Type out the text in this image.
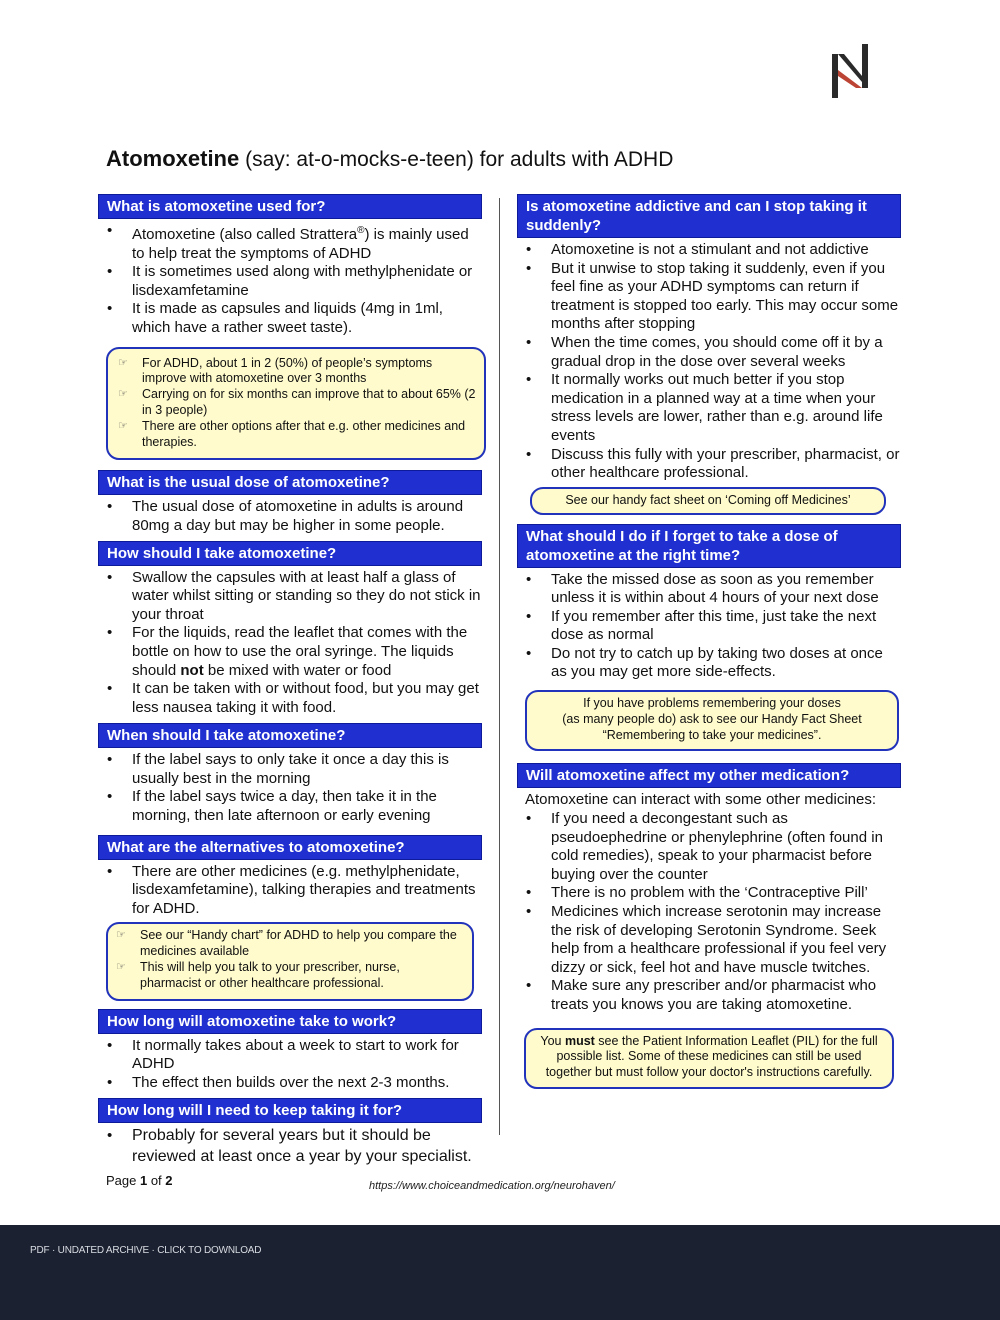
Atomoxetine (say: at-o-mocks-e-teen) for adults with ADHD
What is atomoxetine used for?
• Atomoxetine (also called Strattera®) is mainly used to help treat the symptoms of ADHD
• It is sometimes used along with methylphenidate or lisdexamfetamine
• It is made as capsules and liquids (4mg in 1ml, which have a rather sweet taste).
☞ For ADHD, about 1 in 2 (50%) of people’s symptoms improve with atomoxetine over 3 months
☞ Carrying on for six months can improve that to about 65% (2 in 3 people)
☞ There are other options after that e.g. other medicines and therapies.
What is the usual dose of atomoxetine?
• The usual dose of atomoxetine in adults is around 80mg a day but may be higher in some people.
How should I take atomoxetine?
• Swallow the capsules with at least half a glass of water whilst sitting or standing so they do not stick in your throat
• For the liquids, read the leaflet that comes with the bottle on how to use the oral syringe. The liquids should not be mixed with water or food
• It can be taken with or without food, but you may get less nausea taking it with food.
When should I take atomoxetine?
• If the label says to only take it once a day this is usually best in the morning
• If the label says twice a day, then take it in the morning, then late afternoon or early evening
What are the alternatives to atomoxetine?
• There are other medicines (e.g. methylphenidate, lisdexamfetamine), talking therapies and treatments for ADHD.
☞ See our “Handy chart” for ADHD to help you compare the medicines available
☞ This will help you talk to your prescriber, nurse, pharmacist or other healthcare professional.
How long will atomoxetine take to work?
• It normally takes about a week to start to work for ADHD
• The effect then builds over the next 2-3 months.
How long will I need to keep taking it for?
• Probably for several years but it should be reviewed at least once a year by your specialist.
Is atomoxetine addictive and can I stop taking it suddenly?
• Atomoxetine is not a stimulant and not addictive
• But it unwise to stop taking it suddenly, even if you feel fine as your ADHD symptoms can return if treatment is stopped too early. This may occur some months after stopping
• When the time comes, you should come off it by a gradual drop in the dose over several weeks
• It normally works out much better if you stop medication in a planned way at a time when your stress levels are lower, rather than e.g. around life events
• Discuss this fully with your prescriber, pharmacist, or other healthcare professional.
See our handy fact sheet on ‘Coming off Medicines’
What should I do if I forget to take a dose of atomoxetine at the right time?
• Take the missed dose as soon as you remember unless it is within about 4 hours of your next dose
• If you remember after this time, just take the next dose as normal
• Do not try to catch up by taking two doses at once as you may get more side-effects.
If you have problems remembering your doses
(as many people do) ask to see our Handy Fact Sheet
“Remembering to take your medicines”.
Will atomoxetine affect my other medication?
Atomoxetine can interact with some other medicines:
• If you need a decongestant such as pseudoephedrine or phenylephrine (often found in cold remedies), speak to your pharmacist before buying over the counter
• There is no problem with the ‘Contraceptive Pill’
• Medicines which increase serotonin may increase the risk of developing Serotonin Syndrome. Seek help from a healthcare professional if you feel very dizzy or sick, feel hot and have muscle twitches.
• Make sure any prescriber and/or pharmacist who treats you knows you are taking atomoxetine.
You must see the Patient Information Leaflet (PIL) for the full possible list. Some of these medicines can still be used together but must follow your doctor's instructions carefully.
Page 1 of 2	https://www.choiceandmedication.org/neurohaven/
PDF · UNDATED ARCHIVE · CLICK TO DOWNLOAD
